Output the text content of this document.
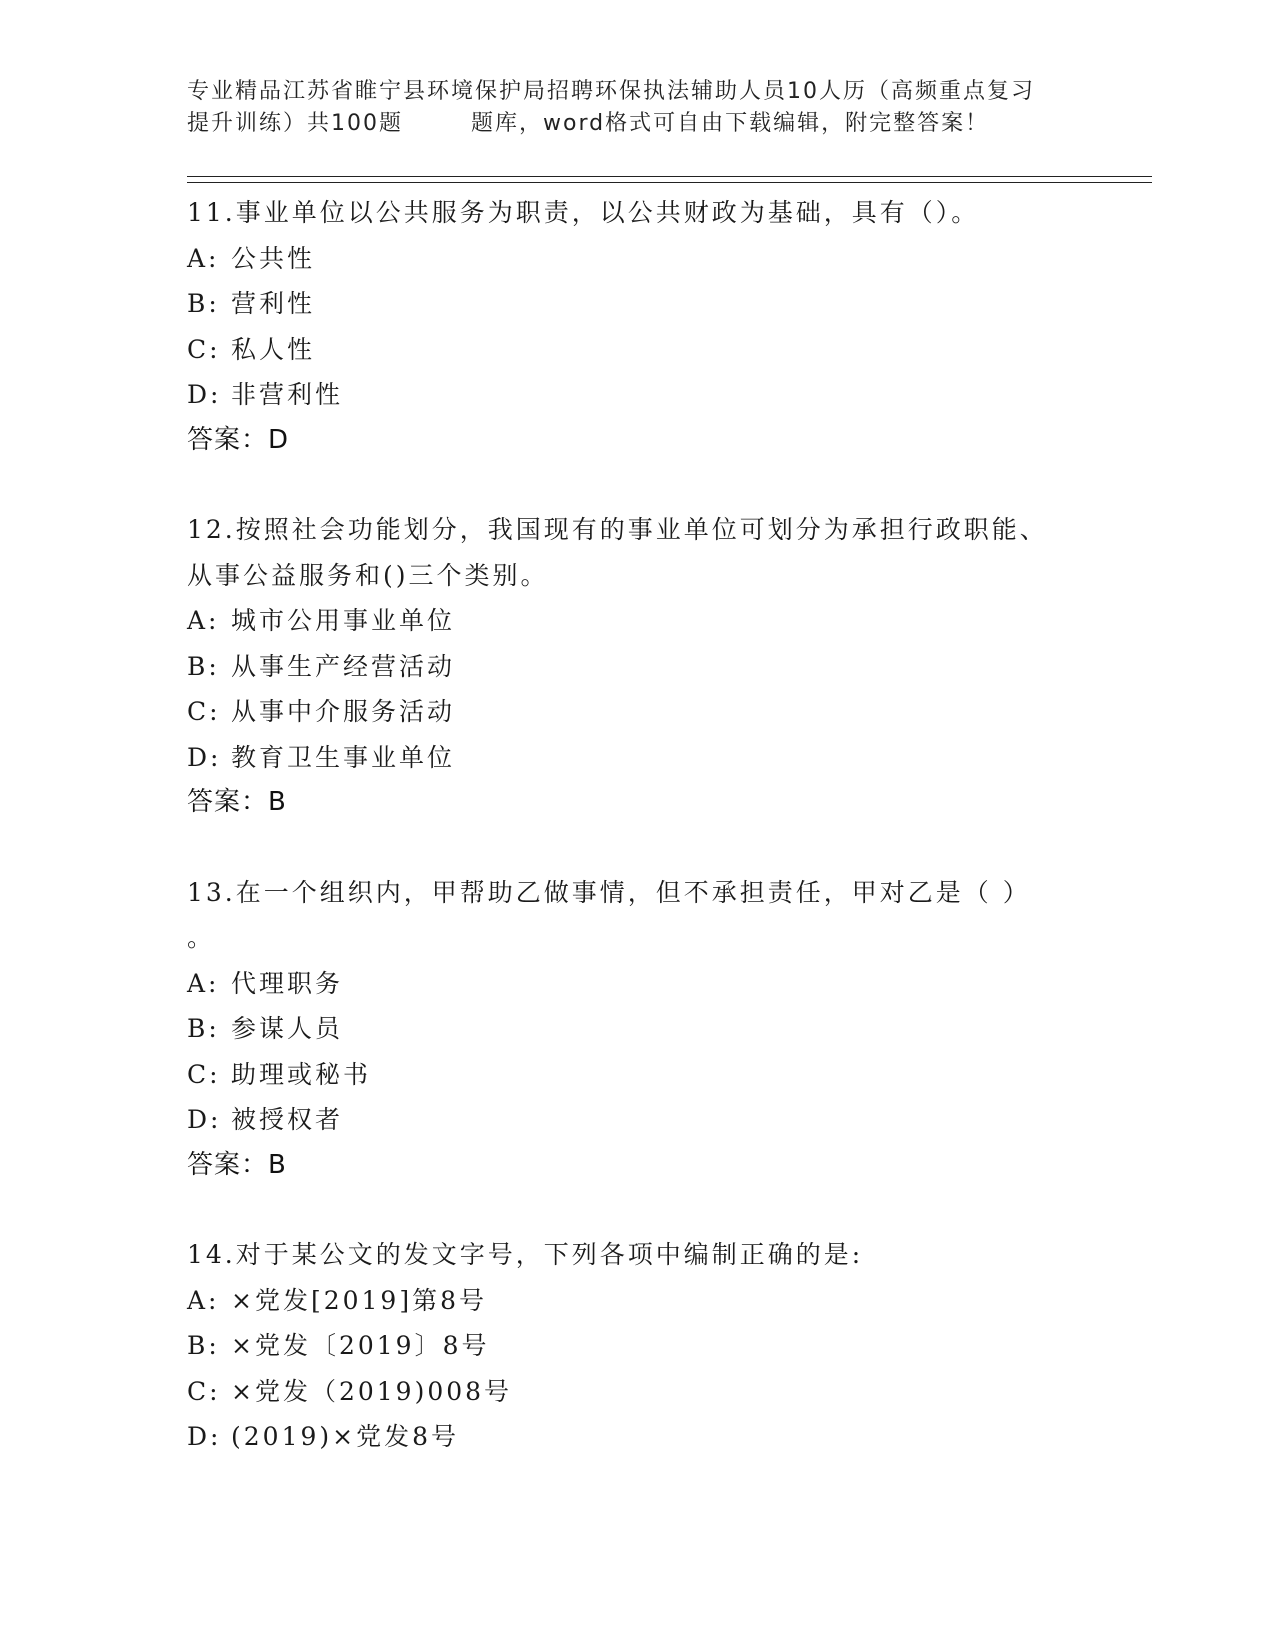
专业精品江苏省睢宁县环境保护局招聘环保执法辅助人员10人历（高频重点复习
提升训练）共100题	题库，word格式可自由下载编辑，附完整答案！
11.事业单位以公共服务为职责，以公共财政为基础，具有（）。
A: 公共性
B: 营利性
C: 私人性
D: 非营利性
答案：D
12.按照社会功能划分，我国现有的事业单位可划分为承担行政职能、
从事公益服务和()三个类别。
A: 城市公用事业单位
B: 从事生产经营活动
C: 从事中介服务活动
D: 教育卫生事业单位
答案：B
13.在一个组织内，甲帮助乙做事情，但不承担责任，甲对乙是（ ）
。
A: 代理职务
B: 参谋人员
C: 助理或秘书
D: 被授权者
答案：B
14.对于某公文的发文字号，下列各项中编制正确的是:
A: ×党发[2019]第8号
B: ×党发〔2019〕8号
C: ×党发（2019)008号
D: (2019)×党发8号
